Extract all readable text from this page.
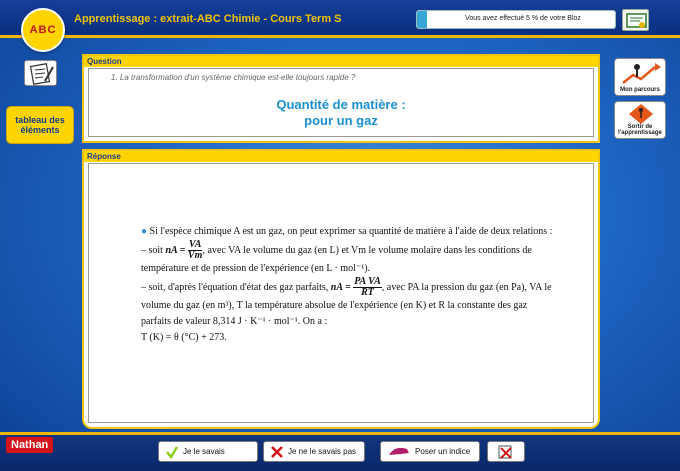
ABC
Apprentissage : extrait-ABC Chimie - Cours Term S	Vous avez effectué 5 % de votre Bloz
tableau des éléments
Question
1. La transformation d'un système chimique est-elle toujours rapide ?
Quantité de matière :
pour un gaz
Réponse

● Si l'espèce chimique A est un gaz, on peut exprimer sa quantité de matière à l'aide de deux relations :

– soit nA = $\frac{VA}{Vm}$ , avec VA le volume du gaz (en L) et Vm le volume molaire dans les conditions de température et de pression de l'expérience (en L · mol⁻¹).

– soit, d'après l'équation d'état des gaz parfaits, nA = $\frac{\text{PA VA}}{RT}$ , avec PA la pression du gaz (en Pa), VA le volume du gaz (en m³), T la température absolue de l'expérience (en K) et R la constante des gaz parfaits de valeur 8,314 J · K⁻¹ · mol⁻¹. On a :

T (K) = θ (°C) + 273.

Mon parcours
Sortir de l'apprentissage
Nathan
Je le savais	Je ne le savais pas	Poser un indice
